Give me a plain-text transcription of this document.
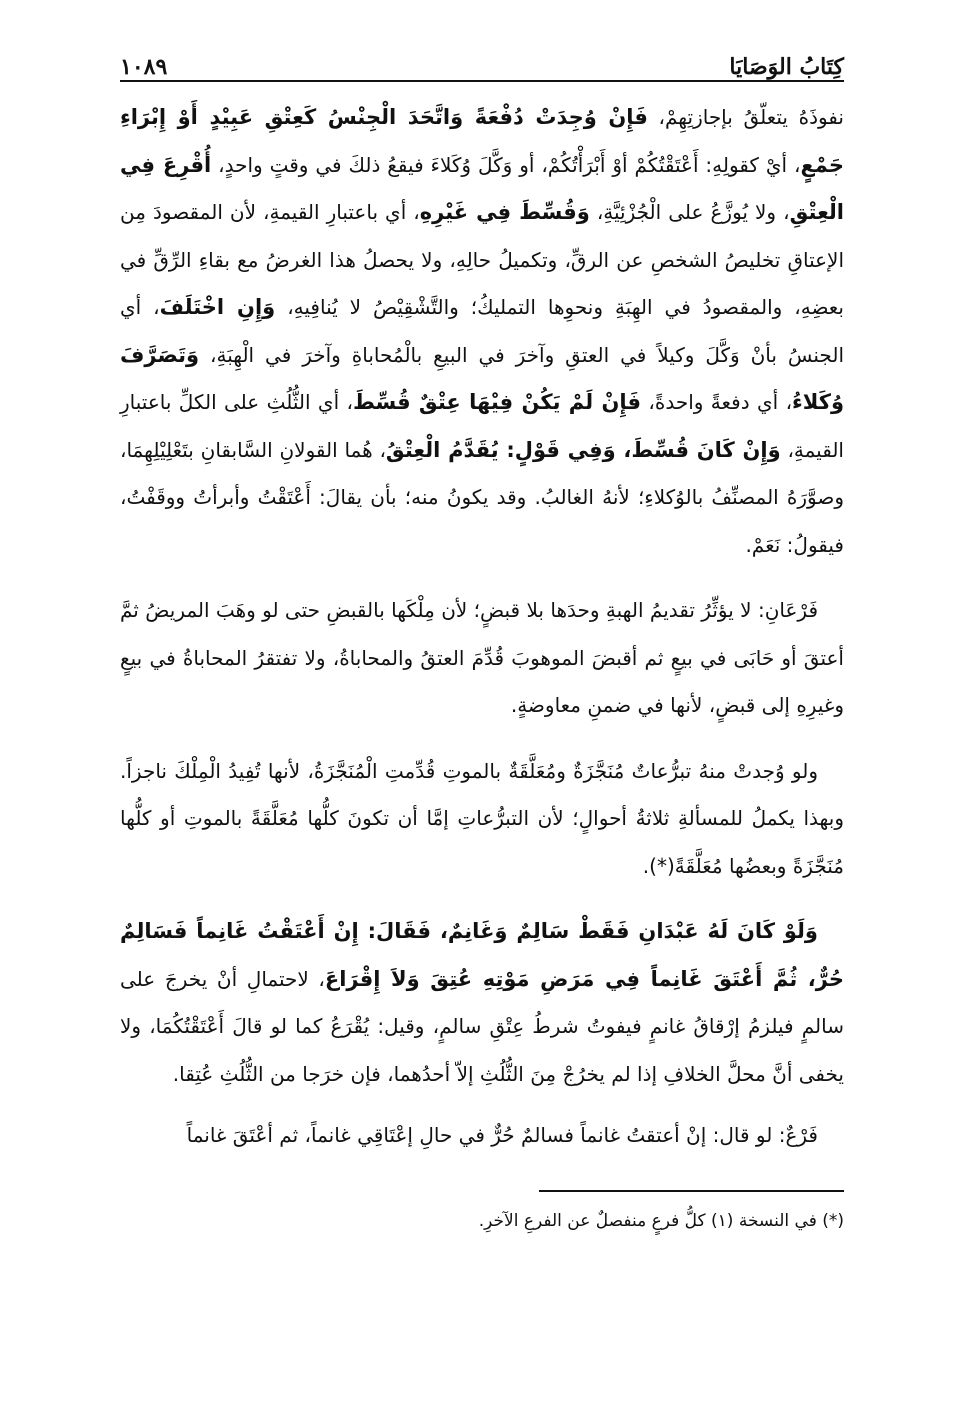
كِتَابُ الوَصَايَا
١٠٨٩

نفوذَهُ يتعلّقُ بإجازتِهِمْ، فَإِنْ وُجِدَتْ دُفْعَةً وَاتَّحَدَ الْجِنْسُ كَعِتْقِ عَبِيْدٍ أَوْ إِبْرَاءِ جَمْعٍ، أيْ كقولِهِ: أَعْتَقْتُكُمْ أوْ أَبْرَأْتُكُمْ، أو وَكَّلَ وُكَلاءَ فيقعُ ذلكَ في وقتٍ واحدٍ، أُقْرِعَ فِي الْعِتْقِ، ولا يُوزَّعُ على الْجُزْئِيَّةِ، وَقُسِّطَ فِي غَيْرِهِ، أي باعتبارِ القيمةِ، لأن المقصودَ مِن الإعتاقِ تخليصُ الشخصِ عن الرقِّ، وتكميلُ حالِهِ، ولا يحصلُ هذا الغرضُ مع بقاءِ الرِّقِّ في بعضِهِ، والمقصودُ في الهِبَةِ ونحوِها التمليكُ؛ والتَّشْقِيْصُ لا يُنافِيهِ، وَإِنِ اخْتَلَفَ، أي الجنسُ بأنْ وَكَّلَ وكيلاً في العتقِ وآخرَ في البيعِ بالْمُحاباةِ وآخرَ في الْهِبَةِ، وَتَصَرَّفَ وُكَلاءُ، أي دفعةً واحدةً، فَإِنْ لَمْ يَكُنْ فِيْهَا عِتْقٌ قُسِّطَ، أي الثُّلُثِ على الكلِّ باعتبارِ القيمةِ، وَإِنْ كَانَ قُسِّطَ، وَفِي قَوْلٍ: يُقَدَّمُ الْعِتْقُ، هُما القولانِ السَّابقانِ بتَعْلِيْلِهِمَا، وصوَّرَهُ المصنِّفُ بالوُكلاءِ؛ لأنهُ الغالبُ. وقد يكونُ منه؛ بأن يقالَ: أَعْتَقْتُ وأبرأتُ ووقَفْتُ، فيقولُ: نَعَمْ.

فَرْعَانِ: لا يؤثِّرُ تقديمُ الهبةِ وحدَها بلا قبضٍ؛ لأن مِلْكَها بالقبضِ حتى لو وهَبَ المريضُ ثمَّ أعتقَ أو حَابَى في بيعٍ ثم أقبضَ الموهوبَ قُدِّمَ العتقُ والمحاباةُ، ولا تفتقرُ المحاباةُ في بيعٍ وغيرِهِ إلى قبضٍ، لأنها في ضمنِ معاوضةٍ.

ولو وُجدتْ منهُ تبرُّعاتٌ مُنَجَّزَةٌ ومُعَلَّقَةٌ بالموتِ قُدِّمتِ الْمُنَجَّزَةُ، لأنها تُفِيدُ الْمِلْكَ ناجزاً. وبهذا يكملُ للمسألةِ ثلاثةُ أحوالٍ؛ لأن التبرُّعاتِ إمَّا أن تكونَ كلُّها مُعَلَّقَةً بالموتِ أو كلُّها مُنَجَّزَةً وبعضُها مُعَلَّقَةً(*).

وَلَوْ كَانَ لَهُ عَبْدَانِ فَقَطْ سَالِمٌ وَغَانِمٌ، فَقَالَ: إِنْ أَعْتَقْتُ غَانِماً فَسَالِمٌ حُرٌّ، ثُمَّ أَعْتَقَ غَانِماً فِي مَرَضِ مَوْتِهِ عُتِقَ وَلاَ إِقْرَاعَ، لاحتمالِ أنْ يخرجَ على سالمٍ فيلزمُ إرْقاقُ غانمٍ فيفوتُ شرطُ عِتْقِ سالمٍ، وقيل: يُقْرَعُ كما لو قالَ أَعْتَقْتُكُمَا، ولا يخفى أنَّ محلَّ الخلافِ إذا لم يخرُجْ مِنَ الثُّلُثِ إلاّ أحدُهما، فإن خرَجا من الثُّلُثِ عُتِقا.

فَرْعٌ: لو قال: إنْ أعتقتُ غانماً فسالمٌ حُرٌّ في حالِ إعْتَاقِي غانماً، ثم أعْتَقَ غانماً

(*) في النسخة (١) كلُّ فرعٍ منفصلٌ عن الفرعِ الآخرِ.
